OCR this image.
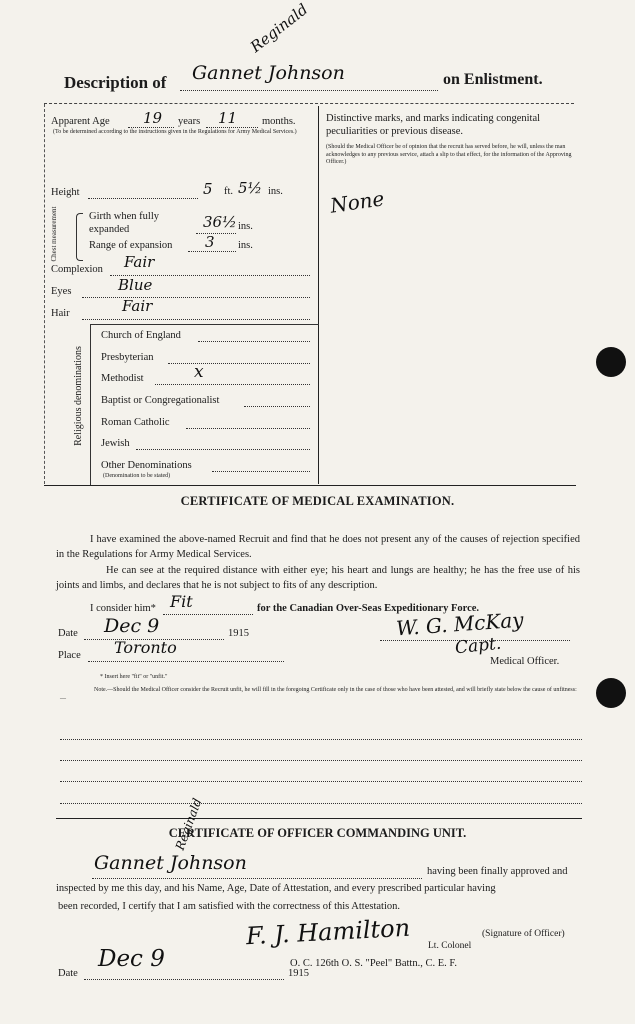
Description of Gannet Johnson
Reginald
on Enlistment.
Apparent Age 19 years 11 months.
(To be determined according to the instructions given in the Regulations for Army Medical Services.)
Height	5 ft. 5½ ins.
Chest measurement	Girth when fully expanded	36½ ins.
Range of expansion 3 ins.
Complexion Fair
Eyes	Blue
Hair	Fair
Religious denominations
Church of England
Presbyterian
Methodist	x
Baptist or Congregationalist
Roman Catholic
Jewish
Other Denominations
(Denomination to be stated)
Distinctive marks, and marks indicating congenital peculiarities or previous disease.
(Should the Medical Officer be of opinion that the recruit has served before, he will, unless the man acknowledges to any previous service, attach a slip to that effect, for the information of the Approving Officer.)
None
CERTIFICATE OF MEDICAL EXAMINATION.
I have examined the above-named Recruit and find that he does not present any of the causes of rejection specified in the Regulations for Army Medical Services.
He can see at the required distance with either eye; his heart and lungs are healthy; he has the free use of his joints and limbs, and declares that he is not subject to fits of any description.
I consider him* Fit	for the Canadian Over-Seas Expeditionary Force.
Date Dec 9	1915
Place Toronto
W. G. McKay
Capt.
Medical Officer.
* Insert here "fit" or "unfit."
Note.—Should the Medical Officer consider the Recruit unfit, he will fill in the foregoing Certificate only in the case of those who have been attested, and will briefly state below the cause of unfitness:—
CERTIFICATE OF OFFICER COMMANDING UNIT.
Gannet Johnson
Reginald
having been finally approved and
inspected by me this day, and his Name, Age, Date of Attestation, and every prescribed particular having
been recorded, I certify that I am satisfied with the correctness of this Attestation.
F. J. Hamilton	(Signature of Officer)
Lt. Colonel
O. C. 126th O. S. "Peel" Battn., C. E. F.
Date
Dec 9
1915
